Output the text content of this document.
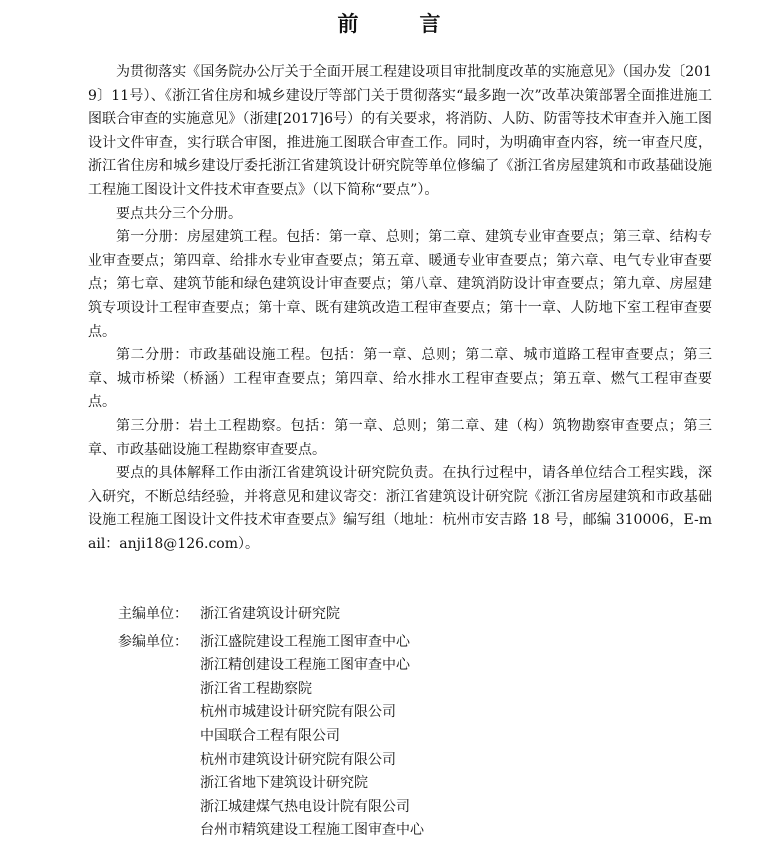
前　言

为贯彻落实《国务院办公厅关于全面开展工程建设项目审批制度改革的实施意见》（国办发〔2019〕11号）、《浙江省住房和城乡建设厅等部门关于贯彻落实“最多跑一次”改革决策部署全面推进施工图联合审查的实施意见》（浙建[2017]6号）的有关要求，将消防、人防、防雷等技术审查并入施工图设计文件审查，实行联合审图，推进施工图联合审查工作。同时，为明确审查内容，统一审查尺度，浙江省住房和城乡建设厅委托浙江省建筑设计研究院等单位修编了《浙江省房屋建筑和市政基础设施工程施工图设计文件技术审查要点》（以下简称“要点”）。

要点共分三个分册。

第一分册：房屋建筑工程。包括：第一章、总则；第二章、建筑专业审查要点；第三章、结构专业审查要点；第四章、给排水专业审查要点；第五章、暖通专业审查要点；第六章、电气专业审查要点；第七章、建筑节能和绿色建筑设计审查要点；第八章、建筑消防设计审查要点；第九章、房屋建筑专项设计工程审查要点；第十章、既有建筑改造工程审查要点；第十一章、人防地下室工程审查要点。

第二分册：市政基础设施工程。包括：第一章、总则；第二章、城市道路工程审查要点；第三章、城市桥梁（桥涵）工程审查要点；第四章、给水排水工程审查要点；第五章、燃气工程审查要点。

第三分册：岩土工程勘察。包括：第一章、总则；第二章、建（构）筑物勘察审查要点；第三章、市政基础设施工程勘察审查要点。

要点的具体解释工作由浙江省建筑设计研究院负责。在执行过程中，请各单位结合工程实践，深入研究，不断总结经验，并将意见和建议寄交：浙江省建筑设计研究院《浙江省房屋建筑和市政基础设施工程施工图设计文件技术审查要点》编写组（地址：杭州市安吉路 18 号，邮编 310006，E-mail：anji18@126.com）。

主编单位： 浙江省建筑设计研究院
参编单位： 浙江盛院建设工程施工图审查中心
浙江精创建设工程施工图审查中心
浙江省工程勘察院
杭州市城建设计研究院有限公司
中国联合工程有限公司
杭州市建筑设计研究院有限公司
浙江省地下建筑设计研究院
浙江城建煤气热电设计院有限公司
台州市精筑建设工程施工图审查中心
